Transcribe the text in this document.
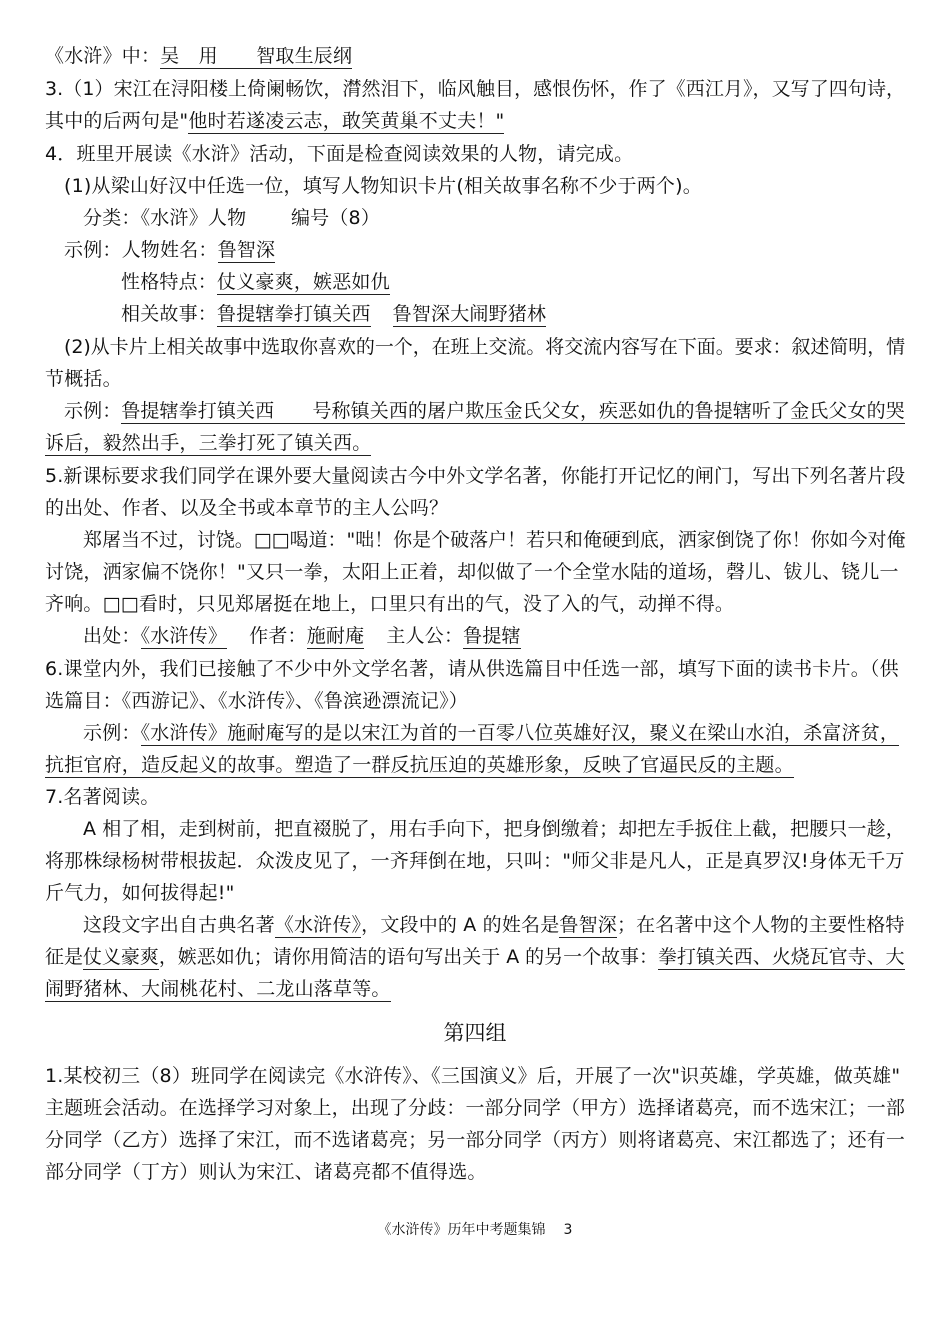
《水浒》中：吴　用　　智取生辰纲
3.（1）宋江在浔阳楼上倚阑畅饮，潸然泪下，临风触目，感恨伤怀，作了《西江月》，又写了四句诗，
其中的后两句是"他时若遂凌云志，敢笑黄巢不丈夫！"
4．班里开展读《水浒》活动，下面是检查阅读效果的人物，请完成。
(1)从梁山好汉中任选一位，填写人物知识卡片(相关故事名称不少于两个)。
分类：《水浒》人物　　 编号（8）
示例：人物姓名：鲁智深
性格特点：仗义豪爽，嫉恶如仇
相关故事：鲁提辖拳打镇关西 鲁智深大闹野猪林
(2)从卡片上相关故事中选取你喜欢的一个，在班上交流。将交流内容写在下面。要求：叙述简明，情
节概括。
示例：鲁提辖拳打镇关西　　号称镇关西的屠户欺压金氏父女，疾恶如仇的鲁提辖听了金氏父女的哭
诉后，毅然出手，三拳打死了镇关西。
5.新课标要求我们同学在课外要大量阅读古今中外文学名著，你能打开记忆的闸门，写出下列名著片段
的出处、作者、以及全书或本章节的主人公吗？
郑屠当不过，讨饶。□□喝道："咄！你是个破落户！若只和俺硬到底，洒家倒饶了你！你如今对俺
讨饶，洒家偏不饶你！"又只一拳，太阳上正着，却似做了一个全堂水陆的道场，磬儿、钹儿、铙儿一
齐响。□□看时，只见郑屠挺在地上，口里只有出的气，没了入的气，动掸不得。
出处：《水浒传》 作者：施耐庵 主人公：鲁提辖
6.课堂内外，我们已接触了不少中外文学名著，请从供选篇目中任选一部，填写下面的读书卡片。（供
选篇目：《西游记》、《水浒传》、《鲁滨逊漂流记》）
示例：《水浒传》施耐庵写的是以宋江为首的一百零八位英雄好汉，聚义在梁山水泊，杀富济贫，
抗拒官府，造反起义的故事。塑造了一群反抗压迫的英雄形象，反映了官逼民反的主题。
7.名著阅读。
A 相了相，走到树前，把直裰脱了，用右手向下，把身倒缴着；却把左手扳住上截，把腰只一趁，
将那株绿杨树带根拔起．众泼皮见了，一齐拜倒在地，只叫："师父非是凡人，正是真罗汉!身体无千万
斤气力，如何拔得起!"
这段文字出自古典名著《水浒传》，文段中的 A 的姓名是鲁智深；在名著中这个人物的主要性格特
征是仗义豪爽，嫉恶如仇；请你用简洁的语句写出关于 A 的另一个故事：拳打镇关西、火烧瓦官寺、大
闹野猪林、大闹桃花村、二龙山落草等。
第四组
1.某校初三（8）班同学在阅读完《水浒传》、《三国演义》后，开展了一次"识英雄，学英雄，做英雄"
主题班会活动。在选择学习对象上，出现了分歧：一部分同学（甲方）选择诸葛亮，而不选宋江；一部
分同学（乙方）选择了宋江，而不选诸葛亮；另一部分同学（丙方）则将诸葛亮、宋江都选了；还有一
部分同学（丁方）则认为宋江、诸葛亮都不值得选。
《水浒传》历年中考题集锦 3
